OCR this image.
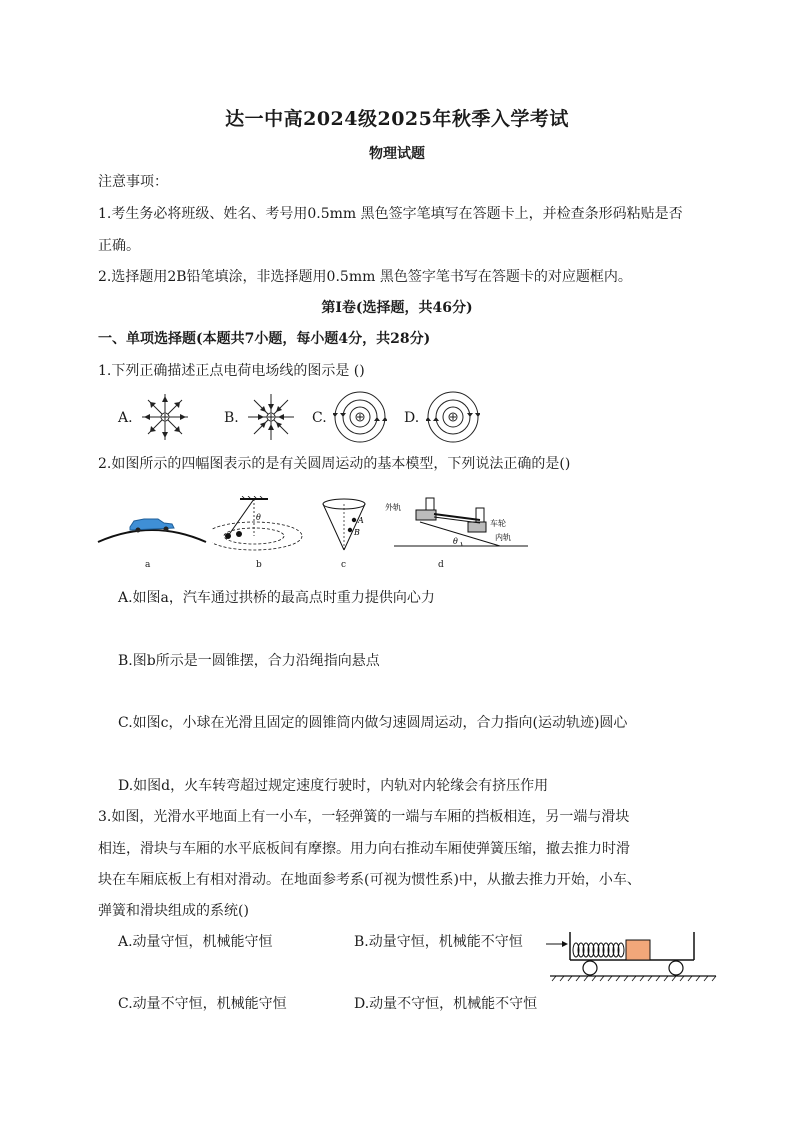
达一中高2024级2025年秋季入学考试
物理试题
注意事项：
1.考生务必将班级、姓名、考号用0.5mm 黑色签字笔填写在答题卡上，并检查条形码粘贴是否
正确。
2.选择题用2B铅笔填涂，非选择题用0.5mm 黑色签字笔书写在答题卡的对应题框内。
第Ⅰ卷(选择题，共46分)
一、单项选择题(本题共7小题，每小题4分，共28分)
1.下列正确描述正点电荷电场线的图示是 ()
A.	B.	C.	D.
2.如图所示的四幅图表示的是有关圆周运动的基本模型，下列说法正确的是()
a
θ
b
A
B
c
外轨
车轮
内轨
θ
d
A.如图a，汽车通过拱桥的最高点时重力提供向心力
B.图b所示是一圆锥摆，合力沿绳指向悬点
C.如图c，小球在光滑且固定的圆锥筒内做匀速圆周运动，合力指向(运动轨迹)圆心
D.如图d，火车转弯超过规定速度行驶时，内轨对内轮缘会有挤压作用
3.如图，光滑水平地面上有一小车，一轻弹簧的一端与车厢的挡板相连，另一端与滑块
相连，滑块与车厢的水平底板间有摩擦。用力向右推动车厢使弹簧压缩，撤去推力时滑
块在车厢底板上有相对滑动。在地面参考系(可视为惯性系)中，从撤去推力开始，小车、
弹簧和滑块组成的系统()
A.动量守恒，机械能守恒	B.动量守恒，机械能不守恒
C.动量不守恒，机械能守恒	D.动量不守恒，机械能不守恒
